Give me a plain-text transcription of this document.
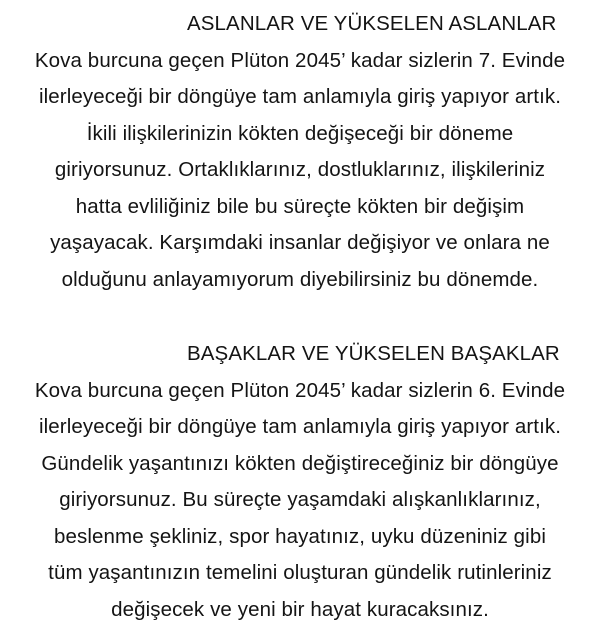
ASLANLAR VE YÜKSELEN ASLANLAR
Kova burcuna geçen Plüton 2045’ kadar sizlerin 7. Evinde
ilerleyeceği bir döngüye tam anlamıyla giriş yapıyor artık.
İkili ilişkilerinizin kökten değişeceği bir döneme
giriyorsunuz. Ortaklıklarınız, dostluklarınız, ilişkileriniz
hatta evliliğiniz bile bu süreçte kökten bir değişim
yaşayacak. Karşımdaki insanlar değişiyor ve onlara ne
olduğunu anlayamıyorum diyebilirsiniz bu dönemde.
BAŞAKLAR VE YÜKSELEN BAŞAKLAR
Kova burcuna geçen Plüton 2045’ kadar sizlerin 6. Evinde
ilerleyeceği bir döngüye tam anlamıyla giriş yapıyor artık.
Gündelik yaşantınızı kökten değiştireceğiniz bir döngüye
giriyorsunuz. Bu süreçte yaşamdaki alışkanlıklarınız,
beslenme şekliniz, spor hayatınız, uyku düzeniniz gibi
tüm yaşantınızın temelini oluşturan gündelik rutinleriniz
değişecek ve yeni bir hayat kuracaksınız.
